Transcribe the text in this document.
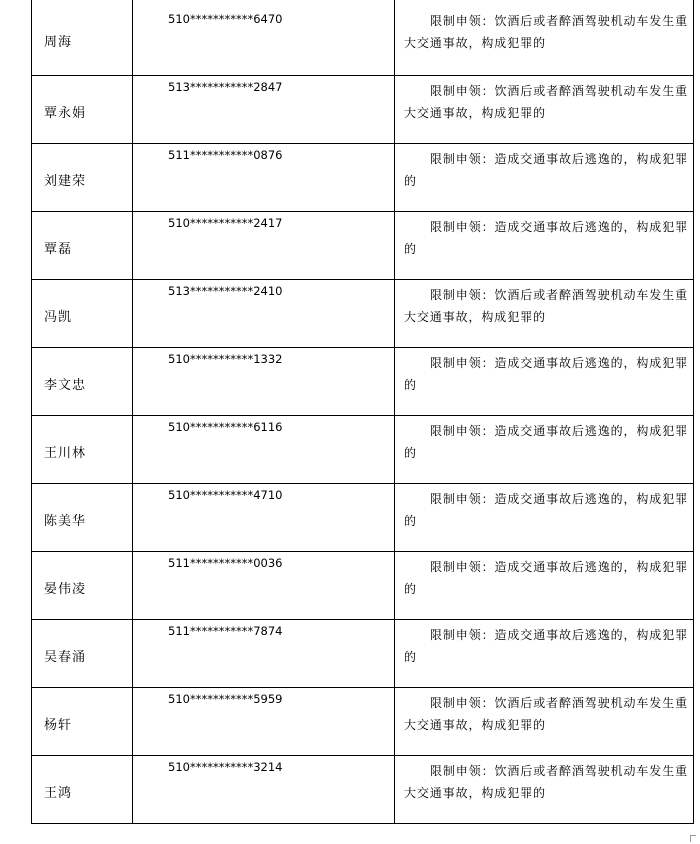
周海	510***********6470	限制申领：饮酒后或者醉酒驾驶机动车发生重大交通事故，构成犯罪的

覃永娟	513***********2847	限制申领：饮酒后或者醉酒驾驶机动车发生重大交通事故，构成犯罪的

刘建荣	511***********0876	限制申领：造成交通事故后逃逸的，构成犯罪的

覃磊	510***********2417	限制申领：造成交通事故后逃逸的，构成犯罪的

冯凯	513***********2410	限制申领：饮酒后或者醉酒驾驶机动车发生重大交通事故，构成犯罪的

李文忠	510***********1332	限制申领：造成交通事故后逃逸的，构成犯罪的

王川林	510***********6116	限制申领：造成交通事故后逃逸的，构成犯罪的

陈美华	510***********4710	限制申领：造成交通事故后逃逸的，构成犯罪的

晏伟凌	511***********0036	限制申领：造成交通事故后逃逸的，构成犯罪的

吴春涌	511***********7874	限制申领：造成交通事故后逃逸的，构成犯罪的

杨轩	510***********5959	限制申领：饮酒后或者醉酒驾驶机动车发生重大交通事故，构成犯罪的

王鸿	510***********3214	限制申领：饮酒后或者醉酒驾驶机动车发生重大交通事故，构成犯罪的
